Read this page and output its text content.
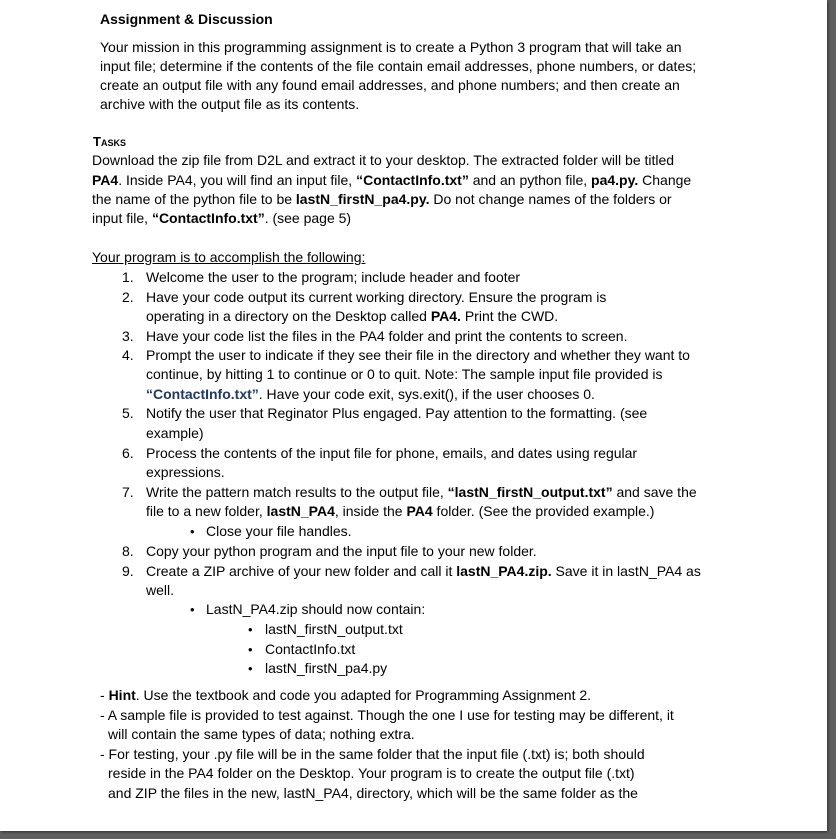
Assignment & Discussion
Your mission in this programming assignment is to create a Python 3 program that will take an
input file; determine if the contents of the file contain email addresses, phone numbers, or dates;
create an output file with any found email addresses, and phone numbers; and then create an
archive with the output file as its contents.
Tasks
Download the zip file from D2L and extract it to your desktop. The extracted folder will be titled
PA4. Inside PA4, you will find an input file, “ContactInfo.txt” and an python file, pa4.py. Change
the name of the python file to be lastN_firstN_pa4.py. Do not change names of the folders or
input file, “ContactInfo.txt”. (see page 5)
Your program is to accomplish the following:
1. Welcome the user to the program; include header and footer
2. Have your code output its current working directory. Ensure the program is
operating in a directory on the Desktop called PA4. Print the CWD.
3. Have your code list the files in the PA4 folder and print the contents to screen.
4. Prompt the user to indicate if they see their file in the directory and whether they want to
continue, by hitting 1 to continue or 0 to quit. Note: The sample input file provided is
“ContactInfo.txt”. Have your code exit, sys.exit(), if the user chooses 0.
5. Notify the user that Reginator Plus engaged. Pay attention to the formatting. (see
example)
6. Process the contents of the input file for phone, emails, and dates using regular
expressions.
7. Write the pattern match results to the output file, “lastN_firstN_output.txt” and save the
file to a new folder, lastN_PA4, inside the PA4 folder. (See the provided example.)
• Close your file handles.
8. Copy your python program and the input file to your new folder.
9. Create a ZIP archive of your new folder and call it lastN_PA4.zip. Save it in lastN_PA4 as
well.
• LastN_PA4.zip should now contain:
• lastN_firstN_output.txt
• ContactInfo.txt
• lastN_firstN_pa4.py
- Hint. Use the textbook and code you adapted for Programming Assignment 2.
- A sample file is provided to test against. Though the one I use for testing may be different, it
will contain the same types of data; nothing extra.
- For testing, your .py file will be in the same folder that the input file (.txt) is; both should
reside in the PA4 folder on the Desktop. Your program is to create the output file (.txt)
and ZIP the files in the new, lastN_PA4, directory, which will be the same folder as the
